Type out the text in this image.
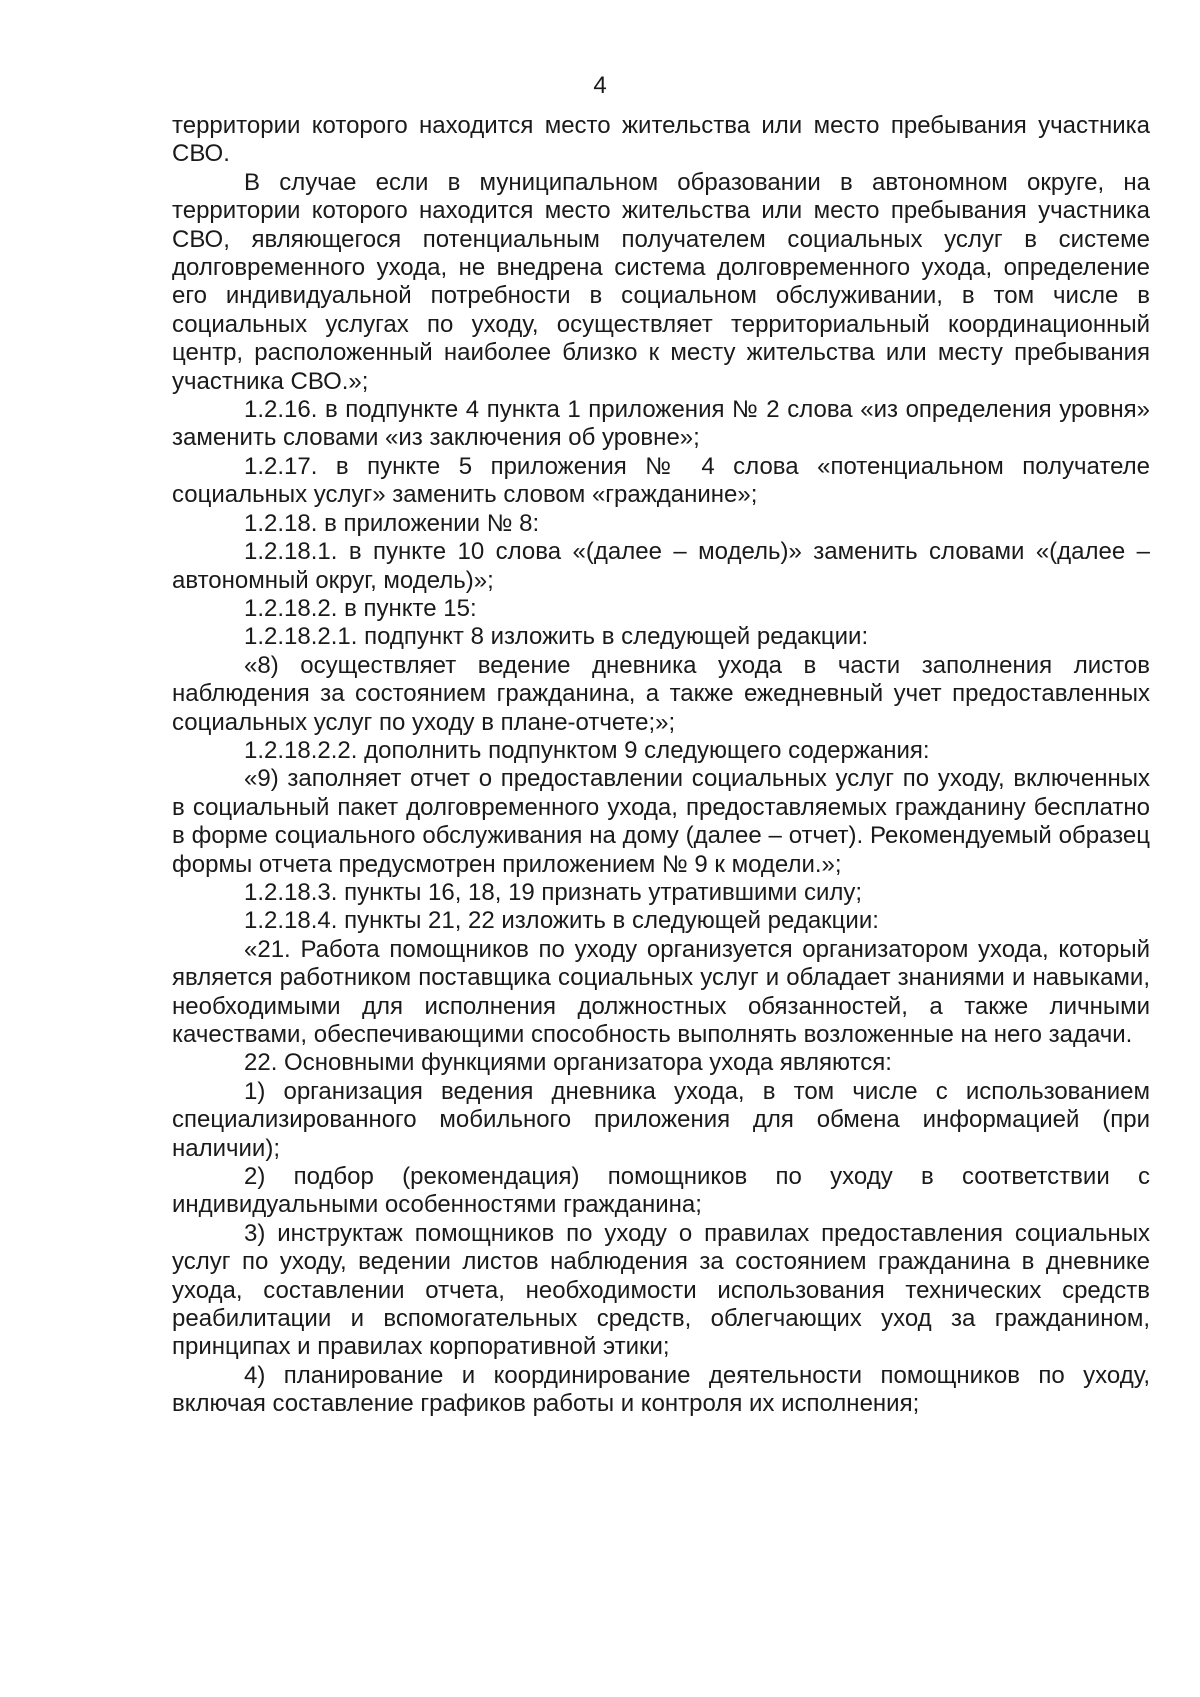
4

территории которого находится место жительства или место пребывания участника СВО.

В случае если в муниципальном образовании в автономном округе, на территории которого находится место жительства или место пребывания участника СВО, являющегося потенциальным получателем социальных услуг в системе долговременного ухода, не внедрена система долговременного ухода, определение его индивидуальной потребности в социальном обслуживании, в том числе в социальных услугах по уходу, осуществляет территориальный координационный центр, расположенный наиболее близко к месту жительства или месту пребывания участника СВО.»;

1.2.16. в подпункте 4 пункта 1 приложения № 2 слова «из определения уровня» заменить словами «из заключения об уровне»;

1.2.17. в пункте 5 приложения № 4 слова «потенциальном получателе социальных услуг» заменить словом «гражданине»;

1.2.18. в приложении № 8:

1.2.18.1. в пункте 10 слова «(далее – модель)» заменить словами «(далее – автономный округ, модель)»;

1.2.18.2. в пункте 15:

1.2.18.2.1. подпункт 8 изложить в следующей редакции:

«8) осуществляет ведение дневника ухода в части заполнения листов наблюдения за состоянием гражданина, а также ежедневный учет предоставленных социальных услуг по уходу в плане-отчете;»;

1.2.18.2.2. дополнить подпунктом 9 следующего содержания:

«9) заполняет отчет о предоставлении социальных услуг по уходу, включенных в социальный пакет долговременного ухода, предоставляемых гражданину бесплатно в форме социального обслуживания на дому (далее – отчет). Рекомендуемый образец формы отчета предусмотрен приложением № 9 к модели.»;

1.2.18.3. пункты 16, 18, 19 признать утратившими силу;

1.2.18.4. пункты 21, 22 изложить в следующей редакции:

«21. Работа помощников по уходу организуется организатором ухода, который является работником поставщика социальных услуг и обладает знаниями и навыками, необходимыми для исполнения должностных обязанностей, а также личными качествами, обеспечивающими способность выполнять возложенные на него задачи.

22. Основными функциями организатора ухода являются:

1) организация ведения дневника ухода, в том числе с использованием специализированного мобильного приложения для обмена информацией (при наличии);

2) подбор (рекомендация) помощников по уходу в соответствии с индивидуальными особенностями гражданина;

3) инструктаж помощников по уходу о правилах предоставления социальных услуг по уходу, ведении листов наблюдения за состоянием гражданина в дневнике ухода, составлении отчета, необходимости использования технических средств реабилитации и вспомогательных средств, облегчающих уход за гражданином, принципах и правилах корпоративной этики;

4) планирование и координирование деятельности помощников по уходу, включая составление графиков работы и контроля их исполнения;
